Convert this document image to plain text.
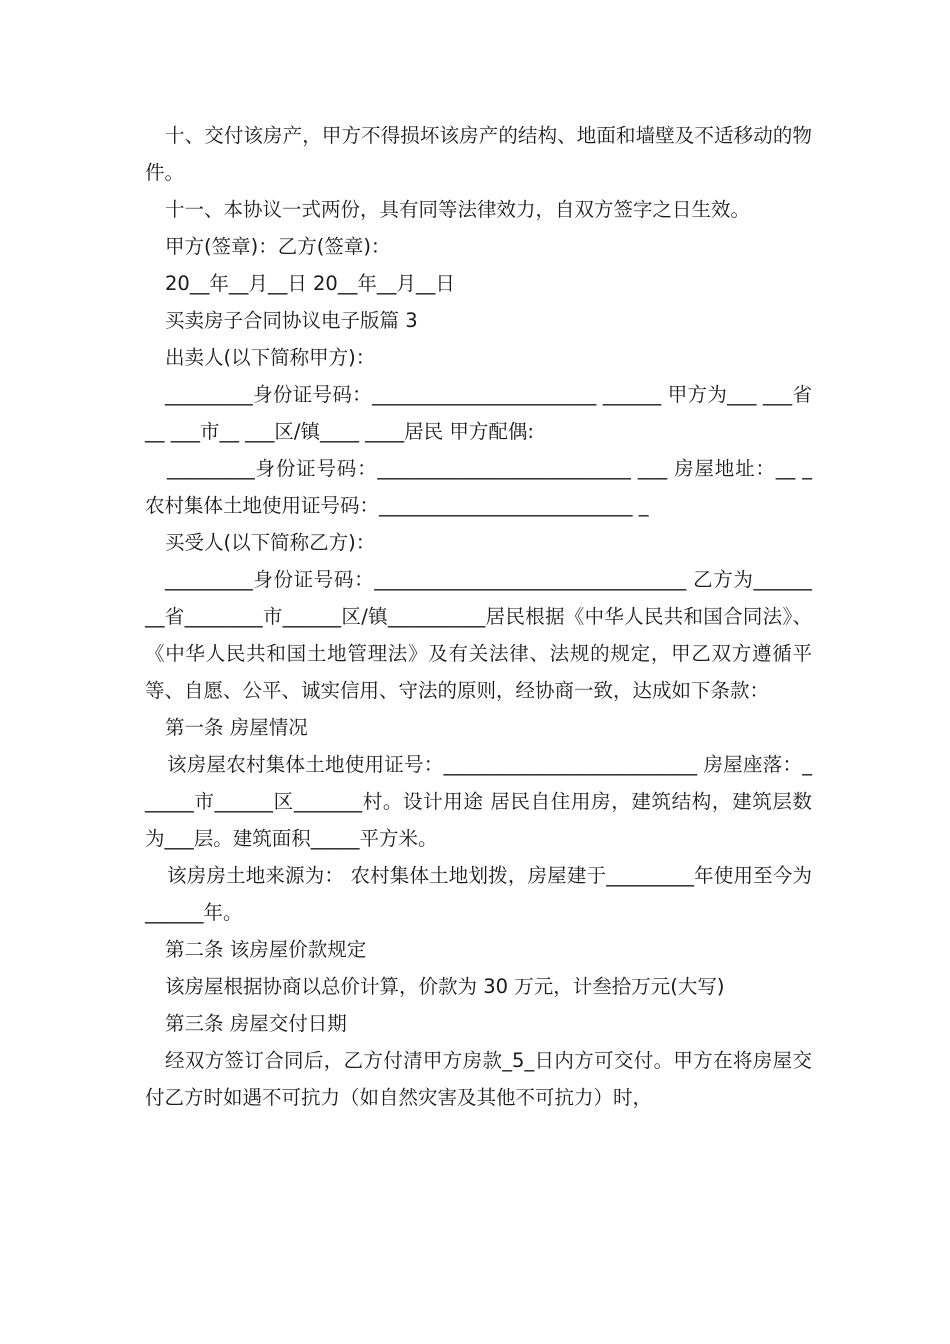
十、交付该房产，甲方不得损坏该房产的结构、地面和墙壁及不适移动的物件。

十一、本协议一式两份，具有同等法律效力，自双方签字之日生效。

甲方(签章)：乙方(签章)：

20__年__月__日 20__年__月__日

买卖房子合同协议电子版篇 3

出卖人(以下简称甲方)：

_________身份证号码：_______________________ ______ 甲方为___ ___省__ ___市__ ___区/镇____ ____居民 甲方配偶:

_________身份证号码：__________________________ ___ 房屋地址：__ _ 农村集体土地使用证号码：__________________________ _

买受人(以下简称乙方)：

_________身份证号码：________________________________ 乙方为________省________市______区/镇__________居民根据《中华人民共和国合同法》、《中华人民共和国土地管理法》及有关法律、法规的规定，甲乙双方遵循平等、自愿、公平、诚实信用、守法的原则，经协商一致，达成如下条款：

第一条 房屋情况

该房屋农村集体土地使用证号：__________________________ 房屋座落：______市______区_______村。设计用途 居民自住用房，建筑结构，建筑层数为___层。建筑面积_____平方米。

该房房土地来源为： 农村集体土地划拨，房屋建于_________年使用至今为______年。

第二条 该房屋价款规定

该房屋根据协商以总价计算，价款为 30 万元，计叁拾万元(大写)

第三条 房屋交付日期

经双方签订合同后，乙方付清甲方房款_5_日内方可交付。甲方在将房屋交付乙方时如遇不可抗力（如自然灾害及其他不可抗力）时，
